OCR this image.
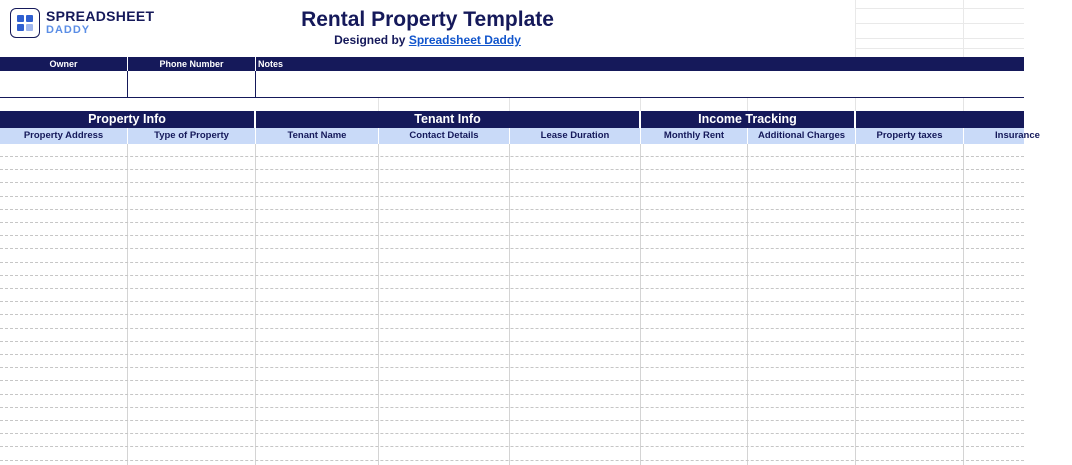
SPREADSHEET
DADDY	Rental Property Template
Designed by Spreadsheet Daddy
Owner	Phone Number	Notes
Property Info	Tenant Info	Income Tracking
Property Address	Type of Property	Tenant Name	Contact Details	Lease Duration	Monthly Rent	Additional Charges	Property taxes	Insurance
